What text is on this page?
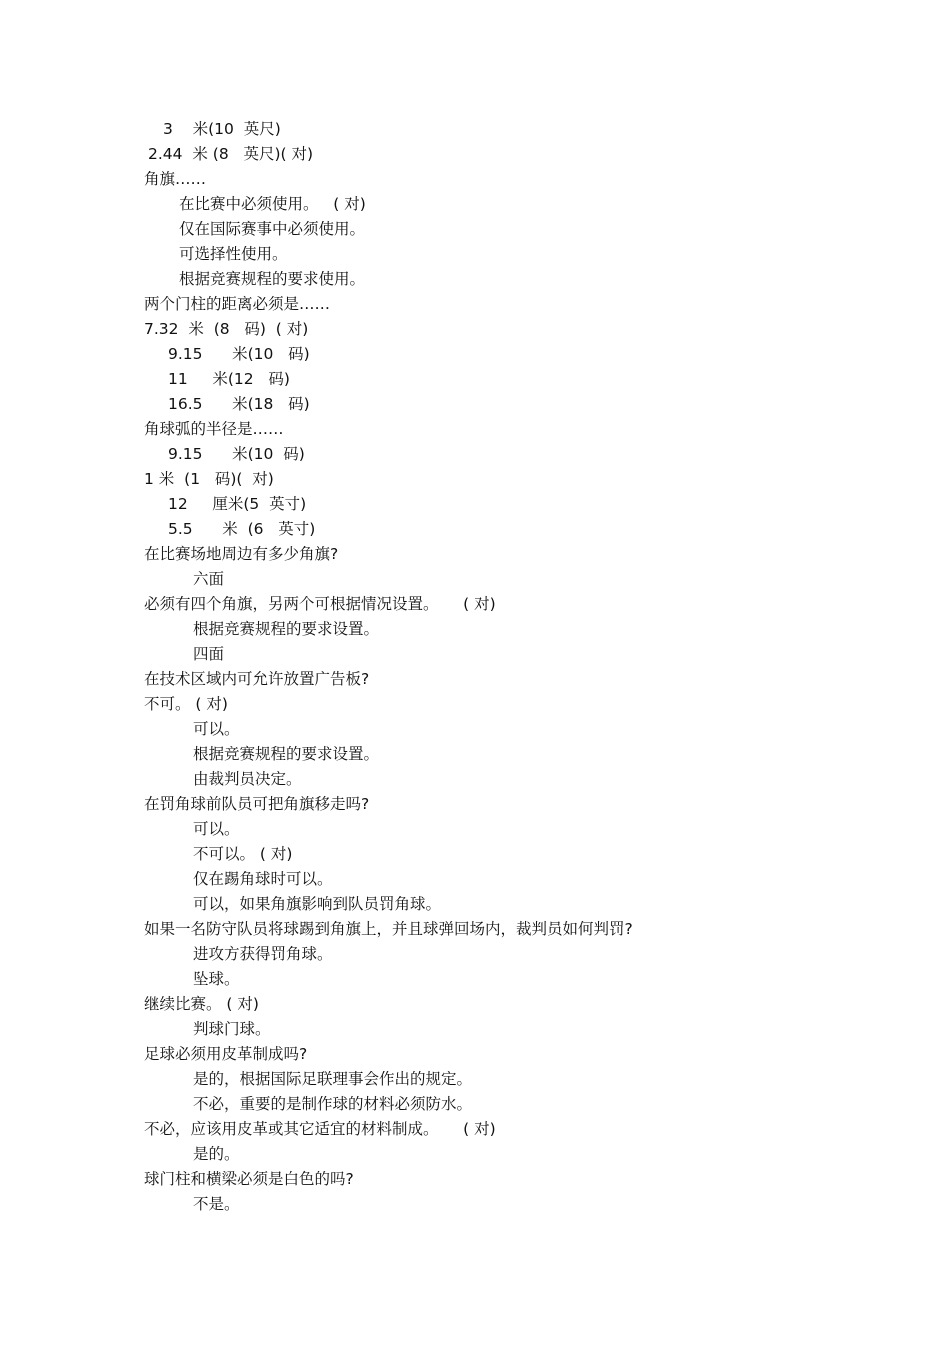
3    米(10  英尺)
2.44  米 (8   英尺)( 对)
角旗……
在比赛中必须使用。   ( 对)
仅在国际赛事中必须使用。
可选择性使用。
根据竞赛规程的要求使用。
两个门柱的距离必须是……
7.32  米  (8   码)  ( 对)
9.15      米(10   码)
11     米(12   码)
16.5      米(18   码)
角球弧的半径是……
9.15      米(10  码)
1 米  (1   码)(  对)
12     厘米(5  英寸)
5.5      米  (6   英寸)
在比赛场地周边有多少角旗?
六面
必须有四个角旗，另两个可根据情况设置。     ( 对)
根据竞赛规程的要求设置。
四面
在技术区域内可允许放置广告板?
不可。 ( 对)
可以。
根据竞赛规程的要求设置。
由裁判员决定。
在罚角球前队员可把角旗移走吗?
可以。
不可以。 ( 对)
仅在踢角球时可以。
可以，如果角旗影响到队员罚角球。
如果一名防守队员将球踢到角旗上，并且球弹回场内，裁判员如何判罚?
进攻方获得罚角球。
坠球。
继续比赛。 ( 对)
判球门球。
足球必须用皮革制成吗?
是的，根据国际足联理事会作出的规定。
不必，重要的是制作球的材料必须防水。
不必，应该用皮革或其它适宜的材料制成。     ( 对)
是的。
球门柱和横梁必须是白色的吗?
不是。
